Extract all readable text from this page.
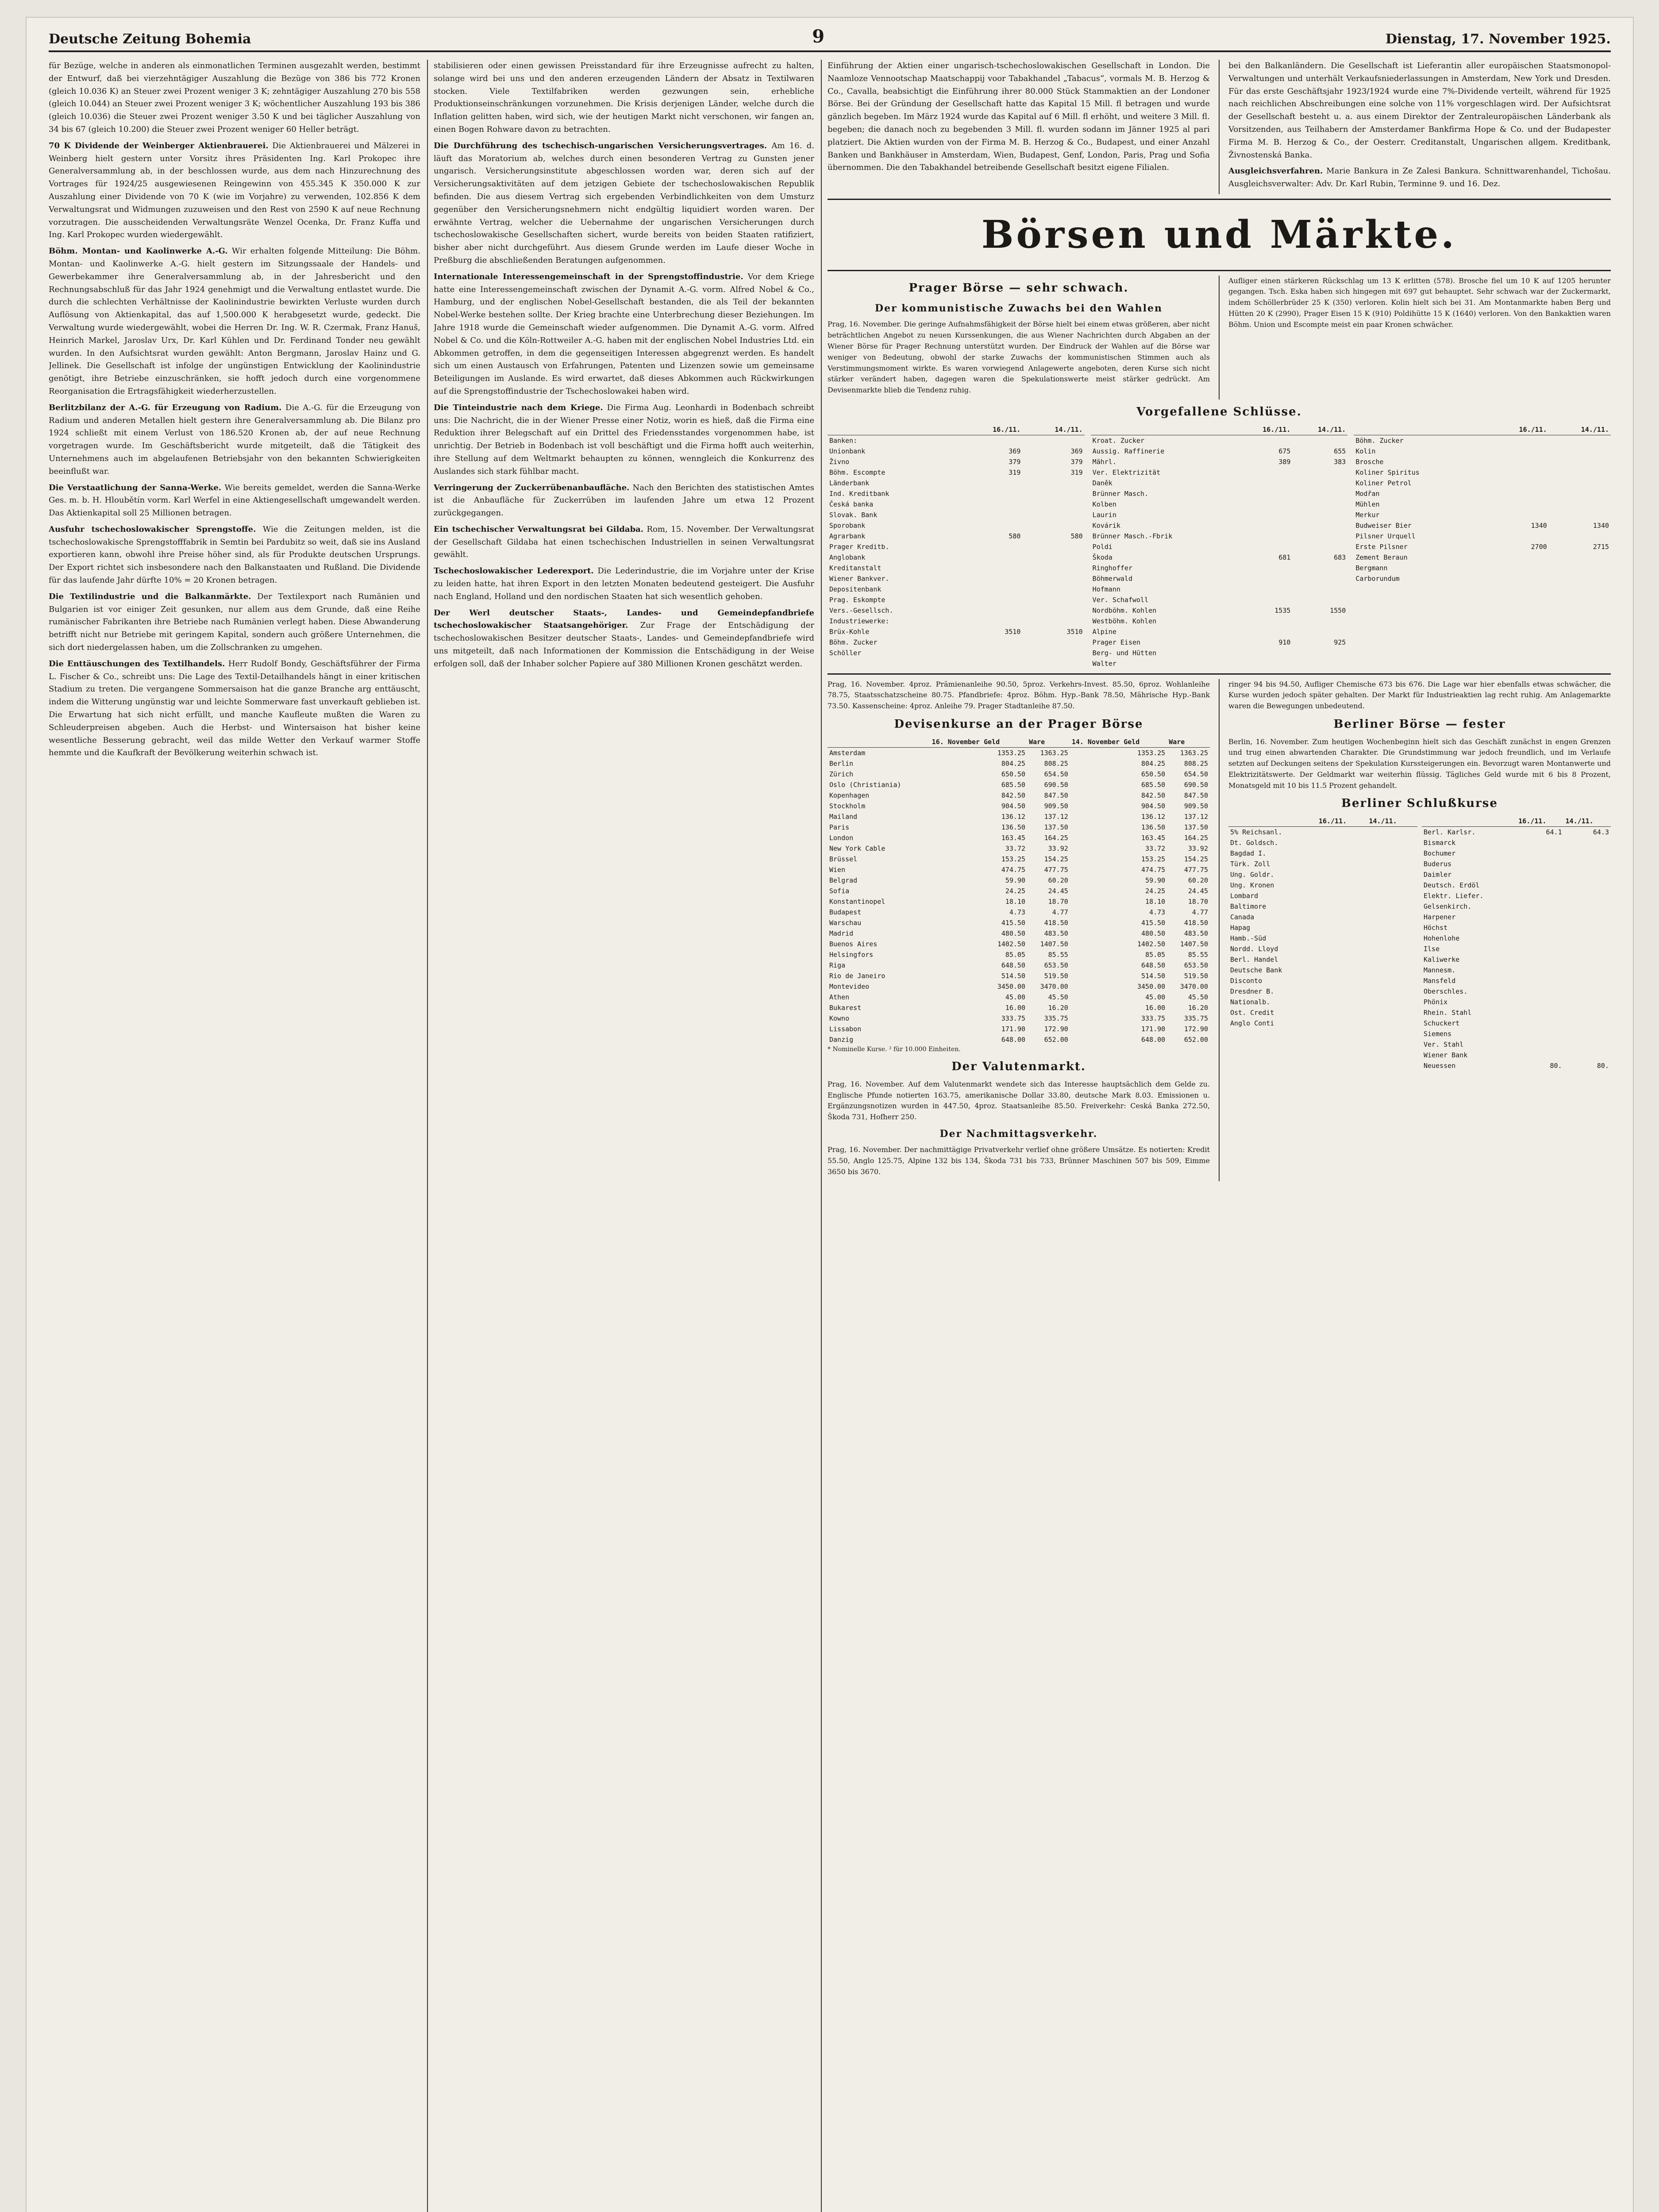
Deutsche Zeitung Bohemia	9	Dienstag, 17. November 1925.

für Bezüge, welche in anderen als einmonatlichen Terminen ausgezahlt werden, bestimmt der Entwurf, daß bei vierzehntägiger Auszahlung die Bezüge von 386 bis 772 Kronen (gleich 10.036 K) an Steuer zwei Prozent weniger 3 K; zehntägiger Auszahlung 270 bis 558 (gleich 10.044) an Steuer zwei Prozent weniger 3 K; wöchentlicher Auszahlung 193 bis 386 (gleich 10.036) die Steuer zwei Prozent weniger 3.50 K und bei täglicher Auszahlung von 34 bis 67 (gleich 10.200) die Steuer zwei Prozent weniger 60 Heller beträgt.

70 K Dividende der Weinberger Aktienbrauerei. Die Aktienbrauerei und Mälzerei in Weinberg hielt gestern unter Vorsitz ihres Präsidenten Ing. Karl Prokopec ihre Generalversammlung ab, in der beschlossen wurde, aus dem nach Hinzurechnung des Vortrages für 1924/25 ausgewiesenen Reingewinn von 455.345 K 350.000 K zur Auszahlung einer Dividende von 70 K (wie im Vorjahre) zu verwenden, 102.856 K dem Verwaltungsrat und Widmungen zuzuweisen und den Rest von 2590 K auf neue Rechnung vorzutragen. Die ausscheidenden Verwaltungsräte Wenzel Ocenka, Dr. Franz Kuffa und Ing. Karl Prokopec wurden wiedergewählt.

Böhm. Montan- und Kaolinwerke A.-G. Wir erhalten folgende Mitteilung: Die Böhm. Montan- und Kaolinwerke A.-G. hielt gestern im Sitzungssaale der Handels- und Gewerbekammer ihre Generalversammlung ab, in der Jahresbericht und den Rechnungsabschluß für das Jahr 1924 genehmigt und die Verwaltung entlastet wurde. Die durch die schlechten Verhältnisse der Kaolinindustrie bewirkten Verluste wurden durch Auflösung von Aktienkapital, das auf 1,500.000 K herabgesetzt wurde, gedeckt. Die Verwaltung wurde wiedergewählt, wobei die Herren Dr. Ing. W. R. Czermak, Franz Hanuš, Heinrich Markel, Jaroslav Urx, Dr. Karl Kühlen und Dr. Ferdinand Tonder neu gewählt wurden. In den Aufsichtsrat wurden gewählt: Anton Bergmann, Jaroslav Hainz und G. Jellinek. Die Gesellschaft ist infolge der ungünstigen Entwicklung der Kaolinindustrie genötigt, ihre Betriebe einzuschränken, sie hofft jedoch durch eine vorgenommene Reorganisation die Ertragsfähigkeit wiederherzustellen.

Berlitzbilanz der A.-G. für Erzeugung von Radium. Die A.-G. für die Erzeugung von Radium und anderen Metallen hielt gestern ihre Generalversammlung ab. Die Bilanz pro 1924 schließt mit einem Verlust von 186.520 Kronen ab, der auf neue Rechnung vorgetragen wurde. Im Geschäftsbericht wurde mitgeteilt, daß die Tätigkeit des Unternehmens auch im abgelaufenen Betriebsjahr von den bekannten Schwierigkeiten beeinflußt war.

Die Verstaatlichung der Sanna-Werke. Wie bereits gemeldet, werden die Sanna-Werke Ges. m. b. H. Hloubětín vorm. Karl Werfel in eine Aktiengesellschaft umgewandelt werden. Das Aktienkapital soll 25 Millionen betragen.

Ausfuhr tschechoslowakischer Sprengstoffe. Wie die Zeitungen melden, ist die tschechoslowakische Sprengstofffabrik in Semtin bei Pardubitz so weit, daß sie ins Ausland exportieren kann, obwohl ihre Preise höher sind, als für Produkte deutschen Ursprungs. Der Export richtet sich insbesondere nach den Balkanstaaten und Rußland. Die Dividende für das laufende Jahr dürfte 10% = 20 Kronen betragen.

Die Textilindustrie und die Balkanmärkte. Der Textilexport nach Rumänien und Bulgarien ist vor einiger Zeit gesunken, nur allem aus dem Grunde, daß eine Reihe rumänischer Fabrikanten ihre Betriebe nach Rumänien verlegt haben. Diese Abwanderung betrifft nicht nur Betriebe mit geringem Kapital, sondern auch größere Unternehmen, die sich dort niedergelassen haben, um die Zollschranken zu umgehen.

Die Enttäuschungen des Textilhandels. Herr Rudolf Bondy, Geschäftsführer der Firma L. Fischer & Co., schreibt uns: Die Lage des Textil-Detailhandels hängt in einer kritischen Stadium zu treten. Die vergangene Sommersaison hat die ganze Branche arg enttäuscht, indem die Witterung ungünstig war und leichte Sommerware fast unverkauft geblieben ist. Die Erwartung hat sich nicht erfüllt, und manche Kaufleute mußten die Waren zu Schleuderpreisen abgeben. Auch die Herbst- und Wintersaison hat bisher keine wesentliche Besserung gebracht, weil das milde Wetter den Verkauf warmer Stoffe hemmte und die Kaufkraft der Bevölkerung weiterhin schwach ist.

stabilisieren oder einen gewissen Preisstandard für ihre Erzeugnisse aufrecht zu halten, solange wird bei uns und den anderen erzeugenden Ländern der Absatz in Textilwaren stocken. Viele Textilfabriken werden gezwungen sein, erhebliche Produktionseinschränkungen vorzunehmen. Die Krisis derjenigen Länder, welche durch die Inflation gelitten haben, wird sich, wie der heutigen Markt nicht verschonen, wir fangen an, einen Bogen Rohware davon zu betrachten.

Die Durchführung des tschechisch-ungarischen Versicherungsvertrages. Am 16. d. läuft das Moratorium ab, welches durch einen besonderen Vertrag zu Gunsten jener ungarisch. Versicherungsinstitute abgeschlossen worden war, deren sich auf der Versicherungsaktivitäten auf dem jetzigen Gebiete der tschechoslowakischen Republik befinden. Die aus diesem Vertrag sich ergebenden Verbindlichkeiten von dem Umsturz gegenüber den Versicherungsnehmern nicht endgültig liquidiert worden waren. Der erwähnte Vertrag, welcher die Uebernahme der ungarischen Versicherungen durch tschechoslowakische Gesellschaften sichert, wurde bereits von beiden Staaten ratifiziert, bisher aber nicht durchgeführt. Aus diesem Grunde werden im Laufe dieser Woche in Preßburg die abschließenden Beratungen aufgenommen.

Internationale Interessengemeinschaft in der Sprengstoffindustrie. Vor dem Kriege hatte eine Interessengemeinschaft zwischen der Dynamit A.-G. vorm. Alfred Nobel & Co., Hamburg, und der englischen Nobel-Gesellschaft bestanden, die als Teil der bekannten Nobel-Werke bestehen sollte. Der Krieg brachte eine Unterbrechung dieser Beziehungen. Im Jahre 1918 wurde die Gemeinschaft wieder aufgenommen. Die Dynamit A.-G. vorm. Alfred Nobel & Co. und die Köln-Rottweiler A.-G. haben mit der englischen Nobel Industries Ltd. ein Abkommen getroffen, in dem die gegenseitigen Interessen abgegrenzt werden. Es handelt sich um einen Austausch von Erfahrungen, Patenten und Lizenzen sowie um gemeinsame Beteiligungen im Auslande. Es wird erwartet, daß dieses Abkommen auch Rückwirkungen auf die Sprengstoffindustrie der Tschechoslowakei haben wird.

Die Tinteindustrie nach dem Kriege. Die Firma Aug. Leonhardi in Bodenbach schreibt uns: Die Nachricht, die in der Wiener Presse einer Notiz, worin es hieß, daß die Firma eine Reduktion ihrer Belegschaft auf ein Drittel des Friedensstandes vorgenommen habe, ist unrichtig. Der Betrieb in Bodenbach ist voll beschäftigt und die Firma hofft auch weiterhin, ihre Stellung auf dem Weltmarkt behaupten zu können, wenngleich die Konkurrenz des Auslandes sich stark fühlbar macht.

Verringerung der Zuckerrübenanbaufläche. Nach den Berichten des statistischen Amtes ist die Anbaufläche für Zuckerrüben im laufenden Jahre um etwa 12 Prozent zurückgegangen.

Ein tschechischer Verwaltungsrat bei Gildaba. Rom, 15. November. Der Verwaltungsrat der Gesellschaft Gildaba hat einen tschechischen Industriellen in seinen Verwaltungsrat gewählt.

Tschechoslowakischer Lederexport. Die Lederindustrie, die im Vorjahre unter der Krise zu leiden hatte, hat ihren Export in den letzten Monaten bedeutend gesteigert. Die Ausfuhr nach England, Holland und den nordischen Staaten hat sich wesentlich gehoben.

Der Werl deutscher Staats-, Landes- und Gemeindepfandbriefe tschechoslowakischer Staatsangehöriger. Zur Frage der Entschädigung der tschechoslowakischen Besitzer deutscher Staats-, Landes- und Gemeindepfandbriefe wird uns mitgeteilt, daß nach Informationen der Kommission die Entschädigung in der Weise erfolgen soll, daß der Inhaber solcher Papiere auf 380 Millionen Kronen geschätzt werden.

Einführung der Aktien einer ungarisch-tschechoslowakischen Gesellschaft in London. Die Naamloze Vennootschap Maatschappij voor Tabakhandel „Tabacus“, vormals M. B. Herzog & Co., Cavalla, beabsichtigt die Einführung ihrer 80.000 Stück Stammaktien an der Londoner Börse. Bei der Gründung der Gesellschaft hatte das Kapital 15 Mill. fl betragen und wurde gänzlich begeben. Im März 1924 wurde das Kapital auf 6 Mill. fl erhöht, und weitere 3 Mill. fl. begeben; die danach noch zu begebenden 3 Mill. fl. wurden sodann im Jänner 1925 al pari platziert. Die Aktien wurden von der Firma M. B. Herzog & Co., Budapest, und einer Anzahl Banken und Bankhäuser in Amsterdam, Wien, Budapest, Genf, London, Paris, Prag und Sofia übernommen. Die den Tabakhandel betreibende Gesellschaft besitzt eigene Filialen.

bei den Balkanländern. Die Gesellschaft ist Lieferantin aller europäischen Staatsmonopol-Verwaltungen und unterhält Verkaufsniederlassungen in Amsterdam, New York und Dresden. Für das erste Geschäftsjahr 1923/1924 wurde eine 7%-Dividende verteilt, während für 1925 nach reichlichen Abschreibungen eine solche von 11% vorgeschlagen wird. Der Aufsichtsrat der Gesellschaft besteht u. a. aus einem Direktor der Zentraleuropäischen Länderbank als Vorsitzenden, aus Teilhabern der Amsterdamer Bankfirma Hope & Co. und der Budapester Firma M. B. Herzog & Co., der Oesterr. Creditanstalt, Ungarischen allgem. Kreditbank, Živnostenská Banka.

Ausgleichsverfahren. Marie Bankura in Ze Zalesi Bankura. Schnittwarenhandel, Tichošau. Ausgleichsverwalter: Adv. Dr. Karl Rubin, Terminne 9. und 16. Dez.

Börsen und Märkte.
Prager Börse — sehr schwach.
Der kommunistische Zuwachs bei den Wahlen

Prag, 16. November. Die geringe Aufnahmsfähigkeit der Börse hielt bei einem etwas größeren, aber nicht beträchtlichen Angebot zu neuen Kurssenkungen, die aus Wiener Nachrichten durch Abgaben an der Wiener Börse für Prager Rechnung unterstützt wurden. Der Eindruck der Wahlen auf die Börse war weniger von Bedeutung, obwohl der starke Zuwachs der kommunistischen Stimmen auch als Verstimmungsmoment wirkte. Es waren vorwiegend Anlagewerte angeboten, deren Kurse sich nicht stärker verändert haben, dagegen waren die Spekulationswerte meist stärker gedrückt. Am Devisenmarkte blieb die Tendenz ruhig.

Aufliger einen stärkeren Rückschlag um 13 K erlitten (578). Brosche fiel um 10 K auf 1205 herunter gegangen. Tsch. Eska haben sich hingegen mit 697 gut behauptet. Sehr schwach war der Zuckermarkt, indem Schöllerbrüder 25 K (350) verloren. Kolin hielt sich bei 31. Am Montanmarkte haben Berg und Hütten 20 K (2990), Prager Eisen 15 K (910) Poldihütte 15 K (1640) verloren. Von den Bankaktien waren Böhm. Union und Escompte meist ein paar Kronen schwächer.

Vorgefallene Schlüsse.
	16./11.	14./11.
Banken:		
Unionbank	369	369
Živno	379	379
Böhm. Escompte	319	319
Länderbank		
Ind. Kreditbank		
Česká banka		
Slovak. Bank		
Sporobank		
Agrarbank	580	580
Prager Kreditb.		
Anglobank		
Kreditanstalt		
Wiener Bankver.		
Depositenbank		
Prag. Eskompte		
Vers.-Gesellsch.		
Industriewerke:		
Brüx-Kohle	3510	3510
Böhm. Zucker		
Schöller		
	16./11.	14./11.
Kroat. Zucker		
Aussig. Raffinerie	675	655
Mährl.	389	383
Ver. Elektrizität		
Daněk		
Brünner Masch.		
Kolben		
Laurin		
Kovárik		
Brünner Masch.-Fbrik		
Poldi		
Škoda	681	683
Ringhoffer		
Böhmerwald		
Hofmann		
Ver. Schafwoll		
Nordböhm. Kohlen	1535	1550
Westböhm. Kohlen		
Alpine		
Prager Eisen	910	925
Berg- und Hütten		
Walter		
	16./11.	14./11.
Böhm. Zucker		
Kolin		
Brosche		
Koliner Spiritus		
Koliner Petrol		
Modřan		
Mühlen		
Merkur		
Budweiser Bier	1340	1340
Pilsner Urquell		
Erste Pilsner	2700	2715
Zement Beraun		
Bergmann		
Carborundum		

Prag, 16. November. 4proz. Prämienanleihe 90.50, 5proz. Verkehrs-Invest. 85.50, 6proz. Wohlanleihe 78.75, Staatsschatzscheine 80.75. Pfandbriefe: 4proz. Böhm. Hyp.-Bank 78.50, Mährische Hyp.-Bank 73.50. Kassenscheine: 4proz. Anleihe 79. Prager Stadtanleihe 87.50.

Devisenkurse an der Prager Börse
	16. November Geld	Ware	14. November Geld	Ware
Amsterdam	1353.25	1363.25	1353.25	1363.25
Berlin	804.25	808.25	804.25	808.25
Zürich	650.50	654.50	650.50	654.50
Oslo (Christiania)	685.50	690.50	685.50	690.50
Kopenhagen	842.50	847.50	842.50	847.50
Stockholm	904.50	909.50	904.50	909.50
Mailand	136.12	137.12	136.12	137.12
Paris	136.50	137.50	136.50	137.50
London	163.45	164.25	163.45	164.25
New York Cable	33.72	33.92	33.72	33.92
Brüssel	153.25	154.25	153.25	154.25
Wien	474.75	477.75	474.75	477.75
Belgrad	59.90	60.20	59.90	60.20
Sofia	24.25	24.45	24.25	24.45
Konstantinopel	18.10	18.70	18.10	18.70
Budapest	4.73	4.77	4.73	4.77
Warschau	415.50	418.50	415.50	418.50
Madrid	480.50	483.50	480.50	483.50
Buenos Aires	1402.50	1407.50	1402.50	1407.50
Helsingfors	85.05	85.55	85.05	85.55
Riga	648.50	653.50	648.50	653.50
Rio de Janeiro	514.50	519.50	514.50	519.50
Montevideo	3450.00	3470.00	3450.00	3470.00
Athen	45.00	45.50	45.00	45.50
Bukarest	16.00	16.20	16.00	16.20
Kowno	333.75	335.75	333.75	335.75
Lissabon	171.90	172.90	171.90	172.90
Danzig	648.00	652.00	648.00	652.00

* Nominelle Kurse. ² für 10.000 Einheiten.

Der Valutenmarkt.

Prag, 16. November. Auf dem Valutenmarkt wendete sich das Interesse hauptsächlich dem Gelde zu. Englische Pfunde notierten 163.75, amerikanische Dollar 33.80, deutsche Mark 8.03. Emissionen u. Ergänzungsnotizen wurden in 447.50, 4proz. Staatsanleihe 85.50. Freiverkehr: Ceská Banka 272.50, Škoda 731, Hofherr 250.

Der Nachmittagsverkehr.

Prag, 16. November. Der nachmittägige Privatverkehr verlief ohne größere Umsätze. Es notierten: Kredit 55.50, Anglo 125.75, Alpine 132 bis 134, Škoda 731 bis 733, Brünner Maschinen 507 bis 509, Eimme 3650 bis 3670.

ringer 94 bis 94.50, Aufliger Chemische 673 bis 676. Die Lage war hier ebenfalls etwas schwächer, die Kurse wurden jedoch später gehalten. Der Markt für Industrieaktien lag recht ruhig. Am Anlagemarkte waren die Bewegungen unbedeutend.

Berliner Börse — fester

Berlin, 16. November. Zum heutigen Wochenbeginn hielt sich das Geschäft zunächst in engen Grenzen und trug einen abwartenden Charakter. Die Grundstimmung war jedoch freundlich, und im Verlaufe setzten auf Deckungen seitens der Spekulation Kurssteigerungen ein. Bevorzugt waren Montanwerte und Elektrizitätswerte. Der Geldmarkt war weiterhin flüssig. Tägliches Geld wurde mit 6 bis 8 Prozent, Monatsgeld mit 10 bis 11.5 Prozent gehandelt.

Berliner Schlußkurse
	16./11.	14./11.
5% Reichsanl.		
Dt. Goldsch.		
Bagdad I.		
Türk. Zoll		
Ung. Goldr.		
Ung. Kronen		
Lombard		
Baltimore		
Canada		
Hapag		
Hamb.-Süd		
Nordd. Lloyd		
Berl. Handel		
Deutsche Bank		
Disconto		
Dresdner B.		
Nationalb.		
Ost. Credit		
Anglo Conti		
	16./11.	14./11.
Berl. Karlsr.	64.1	64.3
Bismarck		
Bochumer		
Buderus		
Daimler		
Deutsch. Erdöl		
Elektr. Liefer.		
Gelsenkirch.		
Harpener		
Höchst		
Hohenlohe		
Ilse		
Kaliwerke		
Mannesm.		
Mansfeld		
Oberschles.		
Phönix		
Rhein. Stahl		
Schuckert		
Siemens		
Ver. Stahl		
Wiener Bank		
Neuessen	80.	80.
